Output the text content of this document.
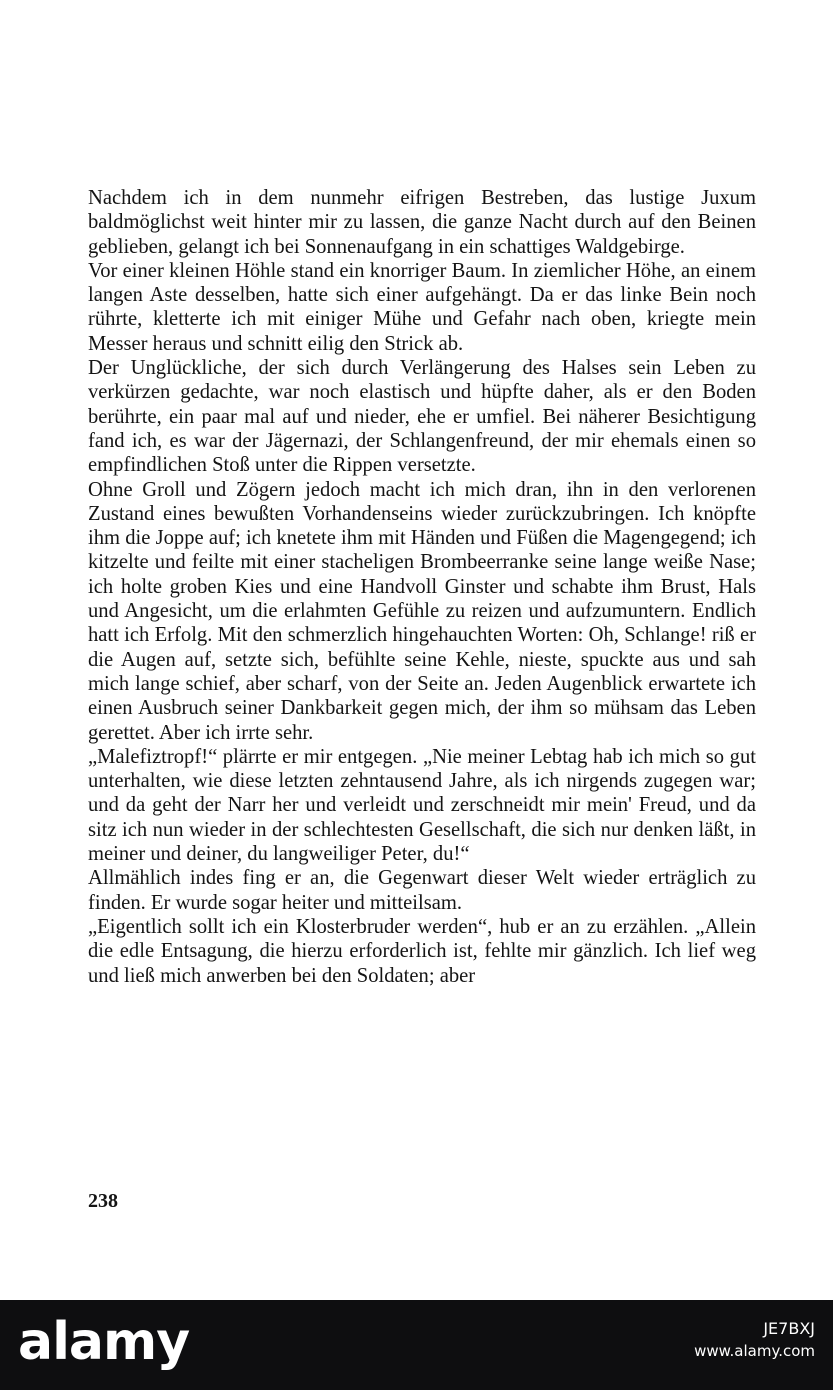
Nachdem ich in dem nunmehr eifrigen Bestreben, das lustige Juxum baldmöglichst weit hinter mir zu lassen, die ganze Nacht durch auf den Beinen geblieben, gelangt ich bei Sonnenaufgang in ein schattiges Waldgebirge.

Vor einer kleinen Höhle stand ein knorriger Baum. In ziemlicher Höhe, an einem langen Aste desselben, hatte sich einer aufgehängt. Da er das linke Bein noch rührte, kletterte ich mit einiger Mühe und Gefahr nach oben, kriegte mein Messer heraus und schnitt eilig den Strick ab.

Der Unglückliche, der sich durch Verlängerung des Halses sein Leben zu verkürzen gedachte, war noch elastisch und hüpfte daher, als er den Boden berührte, ein paar mal auf und nieder, ehe er umfiel. Bei näherer Besichtigung fand ich, es war der Jägernazi, der Schlangenfreund, der mir ehemals einen so empfindlichen Stoß unter die Rippen versetzte.

Ohne Groll und Zögern jedoch macht ich mich dran, ihn in den verlorenen Zustand eines bewußten Vorhandenseins wieder zurückzubringen. Ich knöpfte ihm die Joppe auf; ich knetete ihm mit Händen und Füßen die Magengegend; ich kitzelte und feilte mit einer stacheligen Brombeerranke seine lange weiße Nase; ich holte groben Kies und eine Handvoll Ginster und schabte ihm Brust, Hals und Angesicht, um die erlahmten Gefühle zu reizen und aufzumuntern. Endlich hatt ich Erfolg. Mit den schmerzlich hingehauchten Worten: Oh, Schlange! riß er die Augen auf, setzte sich, befühlte seine Kehle, nieste, spuckte aus und sah mich lange schief, aber scharf, von der Seite an. Jeden Augenblick erwartete ich einen Ausbruch seiner Dankbarkeit gegen mich, der ihm so mühsam das Leben gerettet. Aber ich irrte sehr.

„Malefiztropf!“ plärrte er mir entgegen. „Nie meiner Lebtag hab ich mich so gut unterhalten, wie diese letzten zehntausend Jahre, als ich nirgends zugegen war; und da geht der Narr her und verleidt und zerschneidt mir mein' Freud, und da sitz ich nun wieder in der schlechtesten Gesellschaft, die sich nur denken läßt, in meiner und deiner, du langweiliger Peter, du!“

Allmählich indes fing er an, die Gegenwart dieser Welt wieder erträglich zu finden. Er wurde sogar heiter und mitteilsam.

„Eigentlich sollt ich ein Klosterbruder werden“, hub er an zu erzählen. „Allein die edle Entsagung, die hierzu erforderlich ist, fehlte mir gänzlich. Ich lief weg und ließ mich anwerben bei den Soldaten; aber

238
alamy	JE7BXJ
www.alamy.com
